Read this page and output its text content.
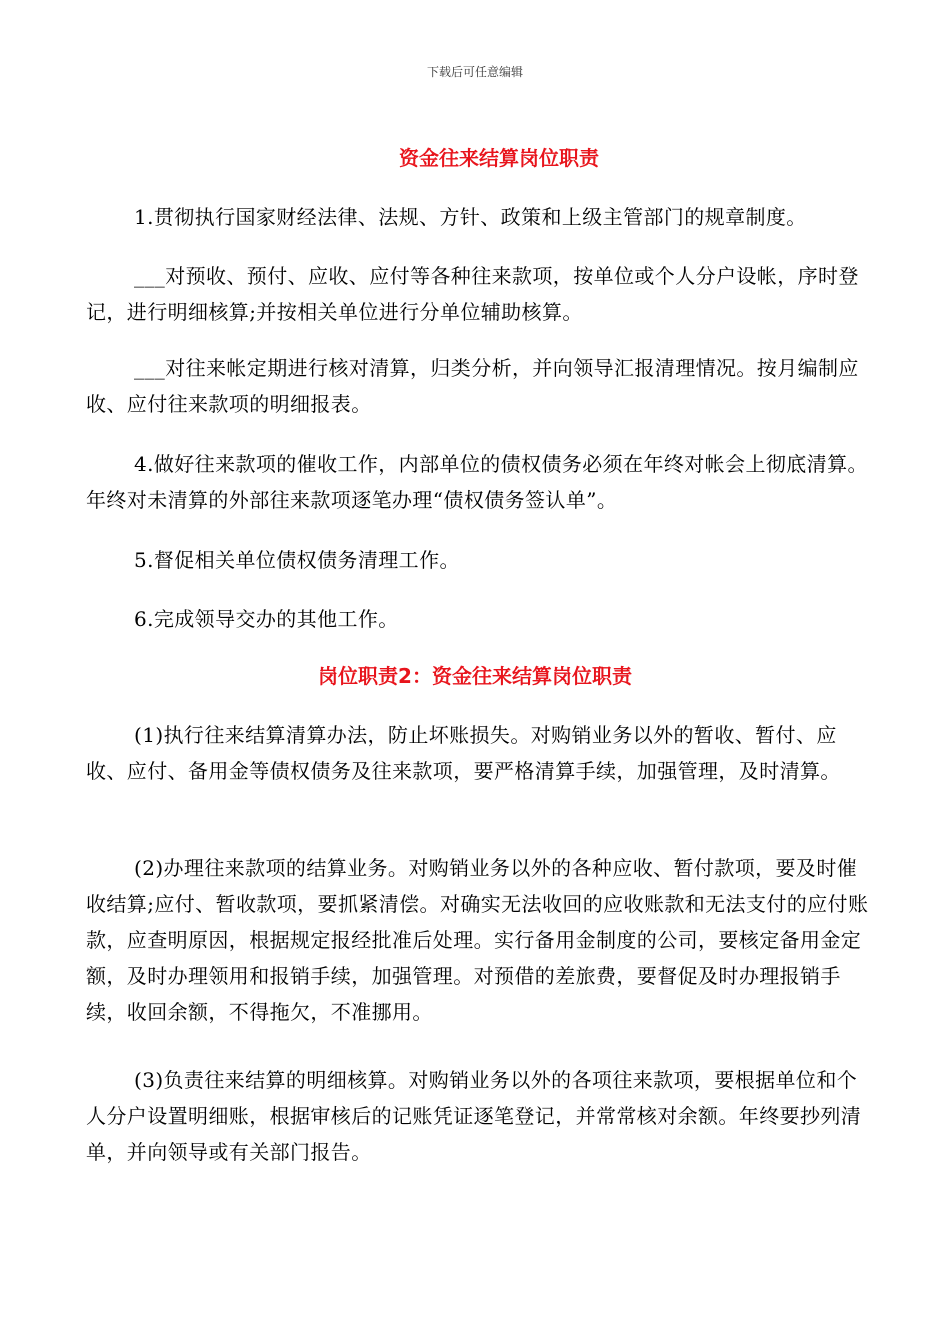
下载后可任意编辑
资金往来结算岗位职责

1.贯彻执行国家财经法律、法规、方针、政策和上级主管部门的规章制度。

___对预收、预付、应收、应付等各种往来款项，按单位或个人分户设帐，序时登记，进行明细核算;并按相关单位进行分单位辅助核算。

___对往来帐定期进行核对清算，归类分析，并向领导汇报清理情况。按月编制应收、应付往来款项的明细报表。

4.做好往来款项的催收工作，内部单位的债权债务必须在年终对帐会上彻底清算。年终对未清算的外部往来款项逐笔办理“债权债务签认单”。

5.督促相关单位债权债务清理工作。

6.完成领导交办的其他工作。

岗位职责2：资金往来结算岗位职责

(1)执行往来结算清算办法，防止坏账损失。对购销业务以外的暂收、暂付、应收、应付、备用金等债权债务及往来款项，要严格清算手续，加强管理，及时清算。

(2)办理往来款项的结算业务。对购销业务以外的各种应收、暂付款项，要及时催收结算;应付、暂收款项，要抓紧清偿。对确实无法收回的应收账款和无法支付的应付账款，应查明原因，根据规定报经批准后处理。实行备用金制度的公司，要核定备用金定额，及时办理领用和报销手续，加强管理。对预借的差旅费，要督促及时办理报销手续，收回余额，不得拖欠，不准挪用。

(3)负责往来结算的明细核算。对购销业务以外的各项往来款项，要根据单位和个人分户设置明细账，根据审核后的记账凭证逐笔登记，并常常核对余额。年终要抄列清单，并向领导或有关部门报告。
